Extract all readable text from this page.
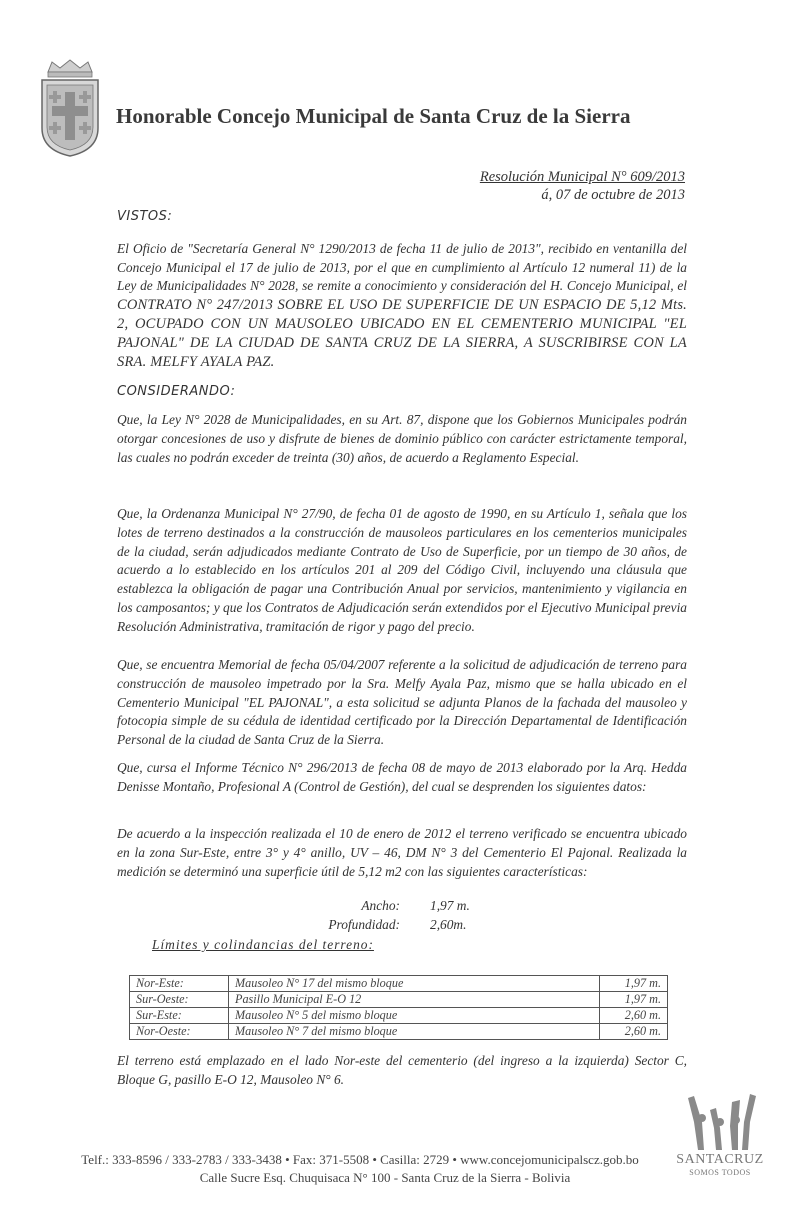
Honorable Concejo Municipal de Santa Cruz de la Sierra
Resolución Municipal N° 609/2013
á, 07 de octubre de 2013
VISTOS:
El Oficio de "Secretaría General N° 1290/2013 de fecha 11 de julio de 2013", recibido en ventanilla del Concejo Municipal el 17 de julio de 2013, por el que en cumplimiento al Artículo 12 numeral 11) de la Ley de Municipalidades N° 2028, se remite a conocimiento y consideración del H. Concejo Municipal, el CONTRATO N° 247/2013 SOBRE EL USO DE SUPERFICIE DE UN ESPACIO DE 5,12 Mts. 2, OCUPADO CON UN MAUSOLEO UBICADO EN EL CEMENTERIO MUNICIPAL "EL PAJONAL" DE LA CIUDAD DE SANTA CRUZ DE LA SIERRA, A SUSCRIBIRSE CON LA SRA. MELFY AYALA PAZ.
CONSIDERANDO:
Que, la Ley N° 2028 de Municipalidades, en su Art. 87, dispone que los Gobiernos Municipales podrán otorgar concesiones de uso y disfrute de bienes de dominio público con carácter estrictamente temporal, las cuales no podrán exceder de treinta (30) años, de acuerdo a Reglamento Especial.
Que, la Ordenanza Municipal N° 27/90, de fecha 01 de agosto de 1990, en su Artículo 1, señala que los lotes de terreno destinados a la construcción de mausoleos particulares en los cementerios municipales de la ciudad, serán adjudicados mediante Contrato de Uso de Superficie, por un tiempo de 30 años, de acuerdo a lo establecido en los artículos 201 al 209 del Código Civil, incluyendo una cláusula que establezca la obligación de pagar una Contribución Anual por servicios, mantenimiento y vigilancia en los camposantos; y que los Contratos de Adjudicación serán extendidos por el Ejecutivo Municipal previa Resolución Administrativa, tramitación de rigor y pago del precio.
Que, se encuentra Memorial de fecha 05/04/2007 referente a la solicitud de adjudicación de terreno para construcción de mausoleo impetrado por la Sra. Melfy Ayala Paz, mismo que se halla ubicado en el Cementerio Municipal "EL PAJONAL", a esta solicitud se adjunta Planos de la fachada del mausoleo y fotocopia simple de su cédula de identidad certificado por la Dirección Departamental de Identificación Personal de la ciudad de Santa Cruz de la Sierra.
Que, cursa el Informe Técnico N° 296/2013 de fecha 08 de mayo de 2013 elaborado por la Arq. Hedda Denisse Montaño, Profesional A (Control de Gestión), del cual se desprenden los siguientes datos:
De acuerdo a la inspección realizada el 10 de enero de 2012 el terreno verificado se encuentra ubicado en la zona Sur-Este, entre 3° y 4° anillo, UV – 46, DM N° 3 del Cementerio El Pajonal. Realizada la medición se determinó una superficie útil de 5,12 m2 con las siguientes características:
Ancho:	1,97 m.
Profundidad:	2,60m.
Límites y colindancias del terreno:
Nor-Este:	Mausoleo N° 17 del mismo bloque	1,97 m.
Sur-Oeste:	Pasillo Municipal E-O 12	1,97 m.
Sur-Este:	Mausoleo N° 5 del mismo bloque	2,60 m.
Nor-Oeste:	Mausoleo N° 7 del mismo bloque	2,60 m.
El terreno está emplazado en el lado Nor-este del cementerio (del ingreso a la izquierda) Sector C, Bloque G, pasillo E-O 12, Mausoleo N° 6.
Telf.: 333-8596 / 333-2783 / 333-3438 • Fax: 371-5508 • Casilla: 2729 • www.concejomunicipalscz.gob.bo
Calle Sucre Esq. Chuquisaca N° 100 - Santa Cruz de la Sierra - Bolivia
SANTACRUZ
SOMOS TODOS
